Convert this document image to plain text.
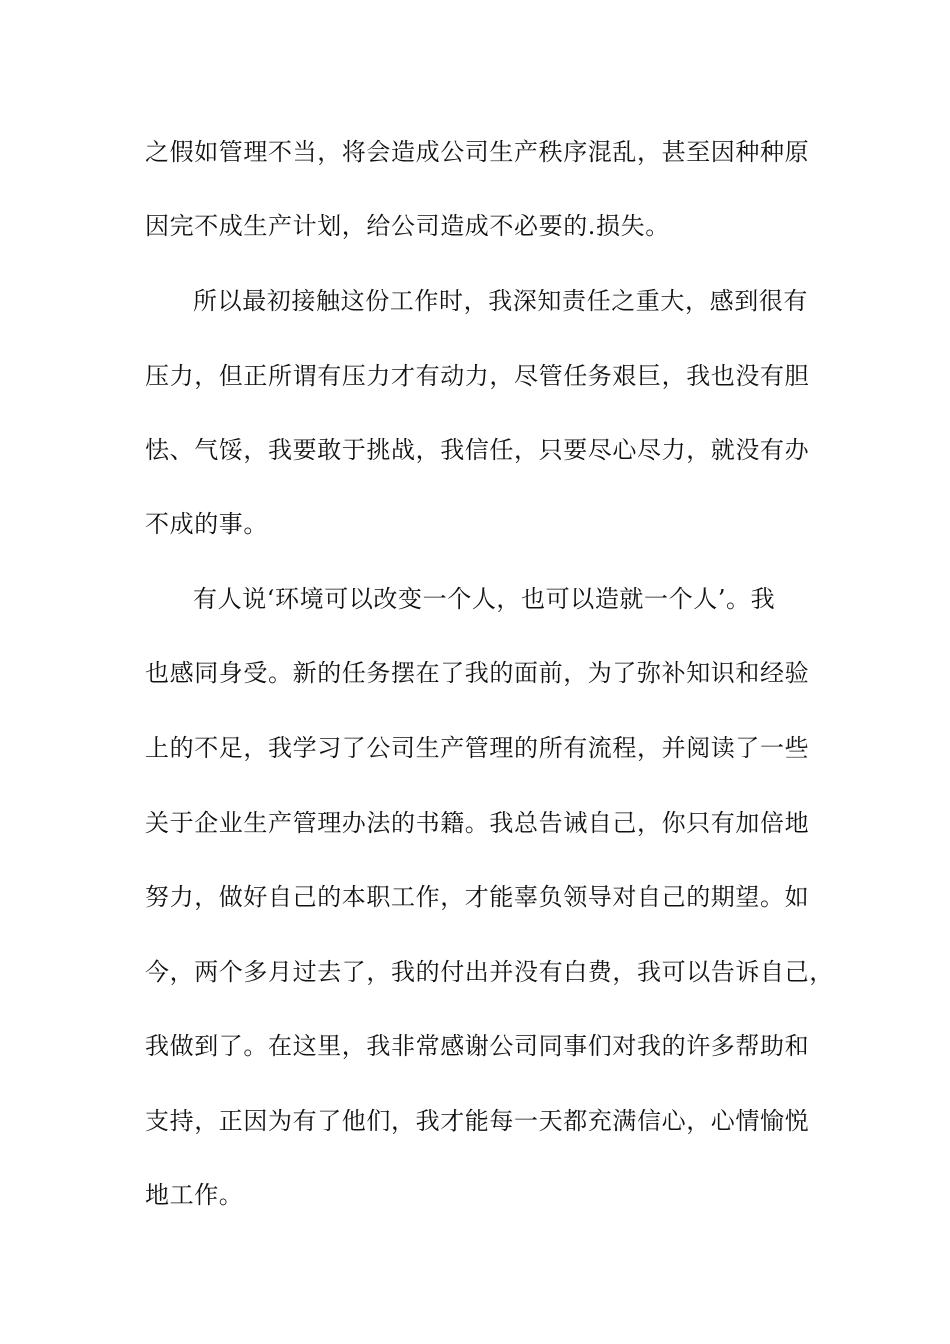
之假如管理不当，将会造成公司生产秩序混乱，甚至因种种原
因完不成生产计划，给公司造成不必要的.损失。
所以最初接触这份工作时，我深知责任之重大，感到很有
压力，但正所谓有压力才有动力，尽管任务艰巨，我也没有胆
怯、气馁，我要敢于挑战，我信任，只要尽心尽力，就没有办
不成的事。
有人说‘环境可以改变一个人，也可以造就一个人’。我
也感同身受。新的任务摆在了我的面前，为了弥补知识和经验
上的不足，我学习了公司生产管理的所有流程，并阅读了一些
关于企业生产管理办法的书籍。我总告诫自己，你只有加倍地
努力，做好自己的本职工作，才能辜负领导对自己的期望。如
今，两个多月过去了，我的付出并没有白费，我可以告诉自己，
我做到了。在这里，我非常感谢公司同事们对我的许多帮助和
支持，正因为有了他们，我才能每一天都充满信心，心情愉悦
地工作。
